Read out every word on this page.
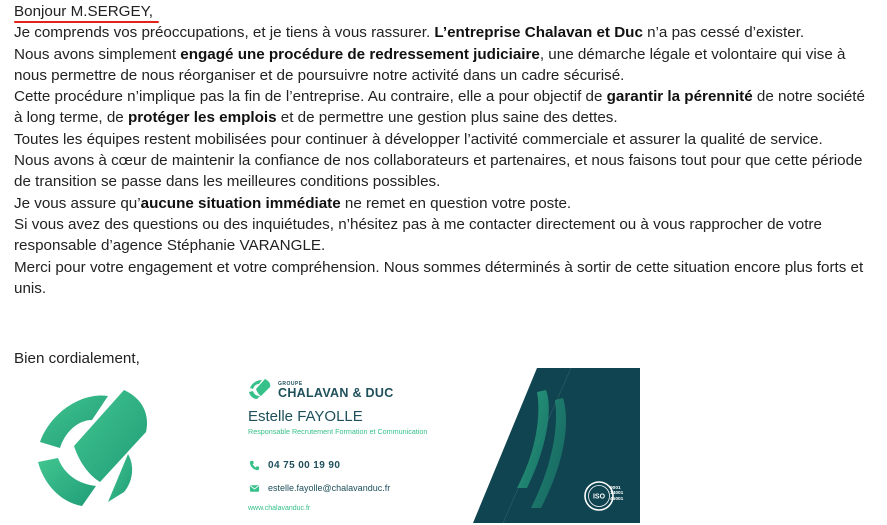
Bonjour M.SERGEY,

Je comprends vos préoccupations, et je tiens à vous rassurer. L’entreprise Chalavan et Duc n’a pas cessé d’exister.

Nous avons simplement engagé une procédure de redressement judiciaire, une démarche légale et volontaire qui vise à nous permettre de nous réorganiser et de poursuivre notre activité dans un cadre sécurisé.

Cette procédure n’implique pas la fin de l’entreprise. Au contraire, elle a pour objectif de garantir la pérennité de notre société à long terme, de protéger les emplois et de permettre une gestion plus saine des dettes.

Toutes les équipes restent mobilisées pour continuer à développer l’activité commerciale et assurer la qualité de service.

Nous avons à cœur de maintenir la confiance de nos collaborateurs et partenaires, et nous faisons tout pour que cette période de transition se passe dans les meilleures conditions possibles.

Je vous assure qu’aucune situation immédiate ne remet en question votre poste.

Si vous avez des questions ou des inquiétudes, n’hésitez pas à me contacter directement ou à vous rapprocher de votre responsable d’agence Stéphanie VARANGLE.

Merci pour votre engagement et votre compréhension. Nous sommes déterminés à sortir de cette situation encore plus forts et unis.

Bien cordialement,
GROUPE
CHALAVAN & DUC
Estelle FAYOLLE
Responsable Recrutement Formation et Communication
04 75 00 19 90
estelle.fayolle@chalavanduc.fr
www.chalavanduc.fr
ISO
9001
14001
45001
